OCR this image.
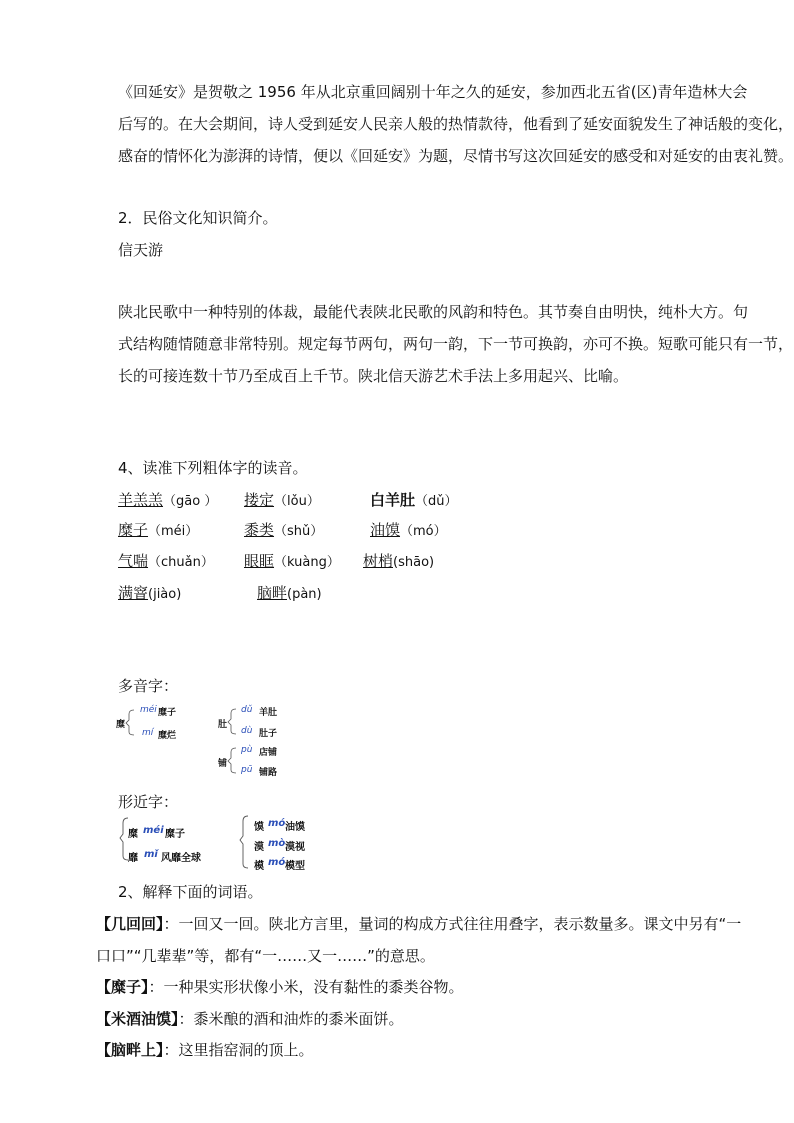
《回延安》是贺敬之 1956 年从北京重回阔别十年之久的延安，参加西北五省(区)青年造林大会
后写的。在大会期间，诗人受到延安人民亲人般的热情款待，他看到了延安面貌发生了神话般的变化，
感奋的情怀化为澎湃的诗情，便以《回延安》为题，尽情书写这次回延安的感受和对延安的由衷礼赞。
2．民俗文化知识简介。
信天游
陕北民歌中一种特别的体裁，最能代表陕北民歌的风韵和特色。其节奏自由明快，纯朴大方。句
式结构随情随意非常特别。规定每节两句，两句一韵，下一节可换韵，亦可不换。短歌可能只有一节，
长的可接连数十节乃至成百上千节。陕北信天游艺术手法上多用起兴、比喻。
4、读准下列粗体字的读音。
羊羔羔（gāo ） 搂定（lǒu）	白羊肚（dǔ）
糜子（méi）	黍类（shǔ）	油馍（mó）
气喘（chuǎn） 眼眶（kuàng） 树梢(shāo)
满窨(jiào)	脑畔(pàn)
多音字：
糜
méi 糜子
mí 糜烂
肚
dǔ 羊肚
dù 肚子
铺
pù 店铺
pū 铺路
形近字：
糜 méi 糜子
靡 mǐ 风靡全球
馍 mó 油馍
漠 mò 漠视
模 mó 模型
2、解释下面的词语。
【几回回】：一回又一回。陕北方言里，量词的构成方式往往用叠字，表示数量多。课文中另有“一
口口”“几辈辈”等，都有“一……又一……”的意思。
【糜子】：一种果实形状像小米，没有黏性的黍类谷物。
【米酒油馍】：黍米酿的酒和油炸的黍米面饼。
【脑畔上】：这里指窑洞的顶上。
